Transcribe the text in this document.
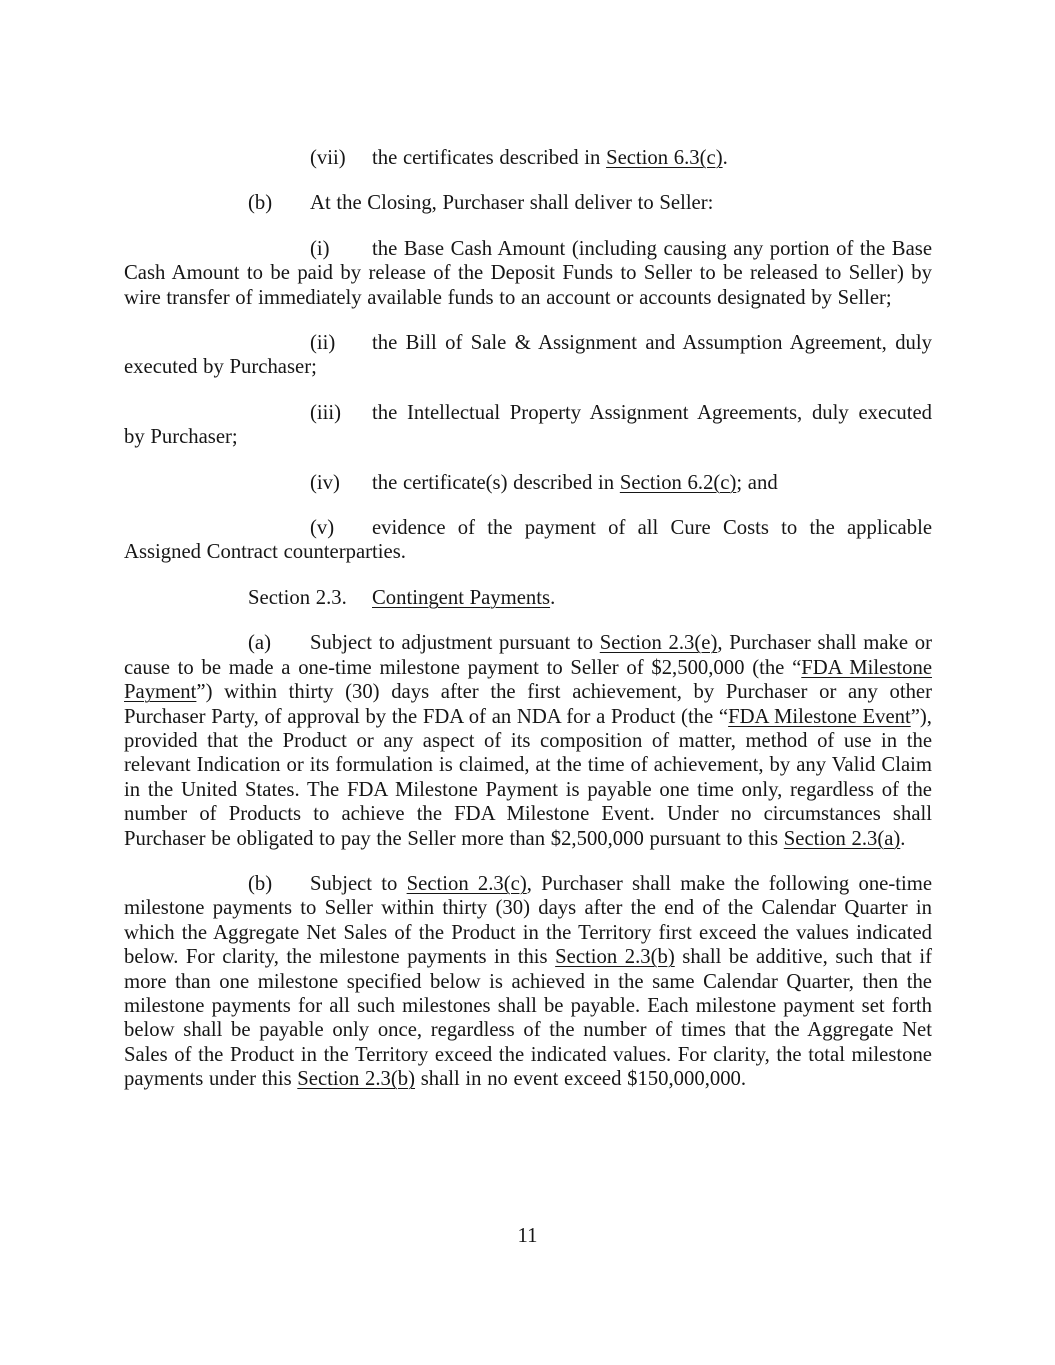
(vii) the certificates described in Section 6.3(c).

(b) At the Closing, Purchaser shall deliver to Seller:

(i) the Base Cash Amount (including causing any portion of the Base Cash Amount to be paid by release of the Deposit Funds to Seller to be released to Seller) by wire transfer of immediately available funds to an account or accounts designated by Seller;

(ii) the Bill of Sale & Assignment and Assumption Agreement, duly executed by Purchaser;

(iii) the Intellectual Property Assignment Agreements, duly executed by Purchaser;

(iv) the certificate(s) described in Section 6.2(c); and

(v) evidence of the payment of all Cure Costs to the applicable Assigned Contract counterparties.

Section 2.3. Contingent Payments.

(a) Subject to adjustment pursuant to Section 2.3(e), Purchaser shall make or cause to be made a one-time milestone payment to Seller of $2,500,000 (the “FDA Milestone Payment”) within thirty (30) days after the first achievement, by Purchaser or any other Purchaser Party, of approval by the FDA of an NDA for a Product (the “FDA Milestone Event”), provided that the Product or any aspect of its composition of matter, method of use in the relevant Indication or its formulation is claimed, at the time of achievement, by any Valid Claim in the United States. The FDA Milestone Payment is payable one time only, regardless of the number of Products to achieve the FDA Milestone Event. Under no circumstances shall Purchaser be obligated to pay the Seller more than $2,500,000 pursuant to this Section 2.3(a).

(b) Subject to Section 2.3(c), Purchaser shall make the following one-time milestone payments to Seller within thirty (30) days after the end of the Calendar Quarter in which the Aggregate Net Sales of the Product in the Territory first exceed the values indicated below. For clarity, the milestone payments in this Section 2.3(b) shall be additive, such that if more than one milestone specified below is achieved in the same Calendar Quarter, then the milestone payments for all such milestones shall be payable. Each milestone payment set forth below shall be payable only once, regardless of the number of times that the Aggregate Net Sales of the Product in the Territory exceed the indicated values. For clarity, the total milestone payments under this Section 2.3(b) shall in no event exceed $150,000,000.

11
